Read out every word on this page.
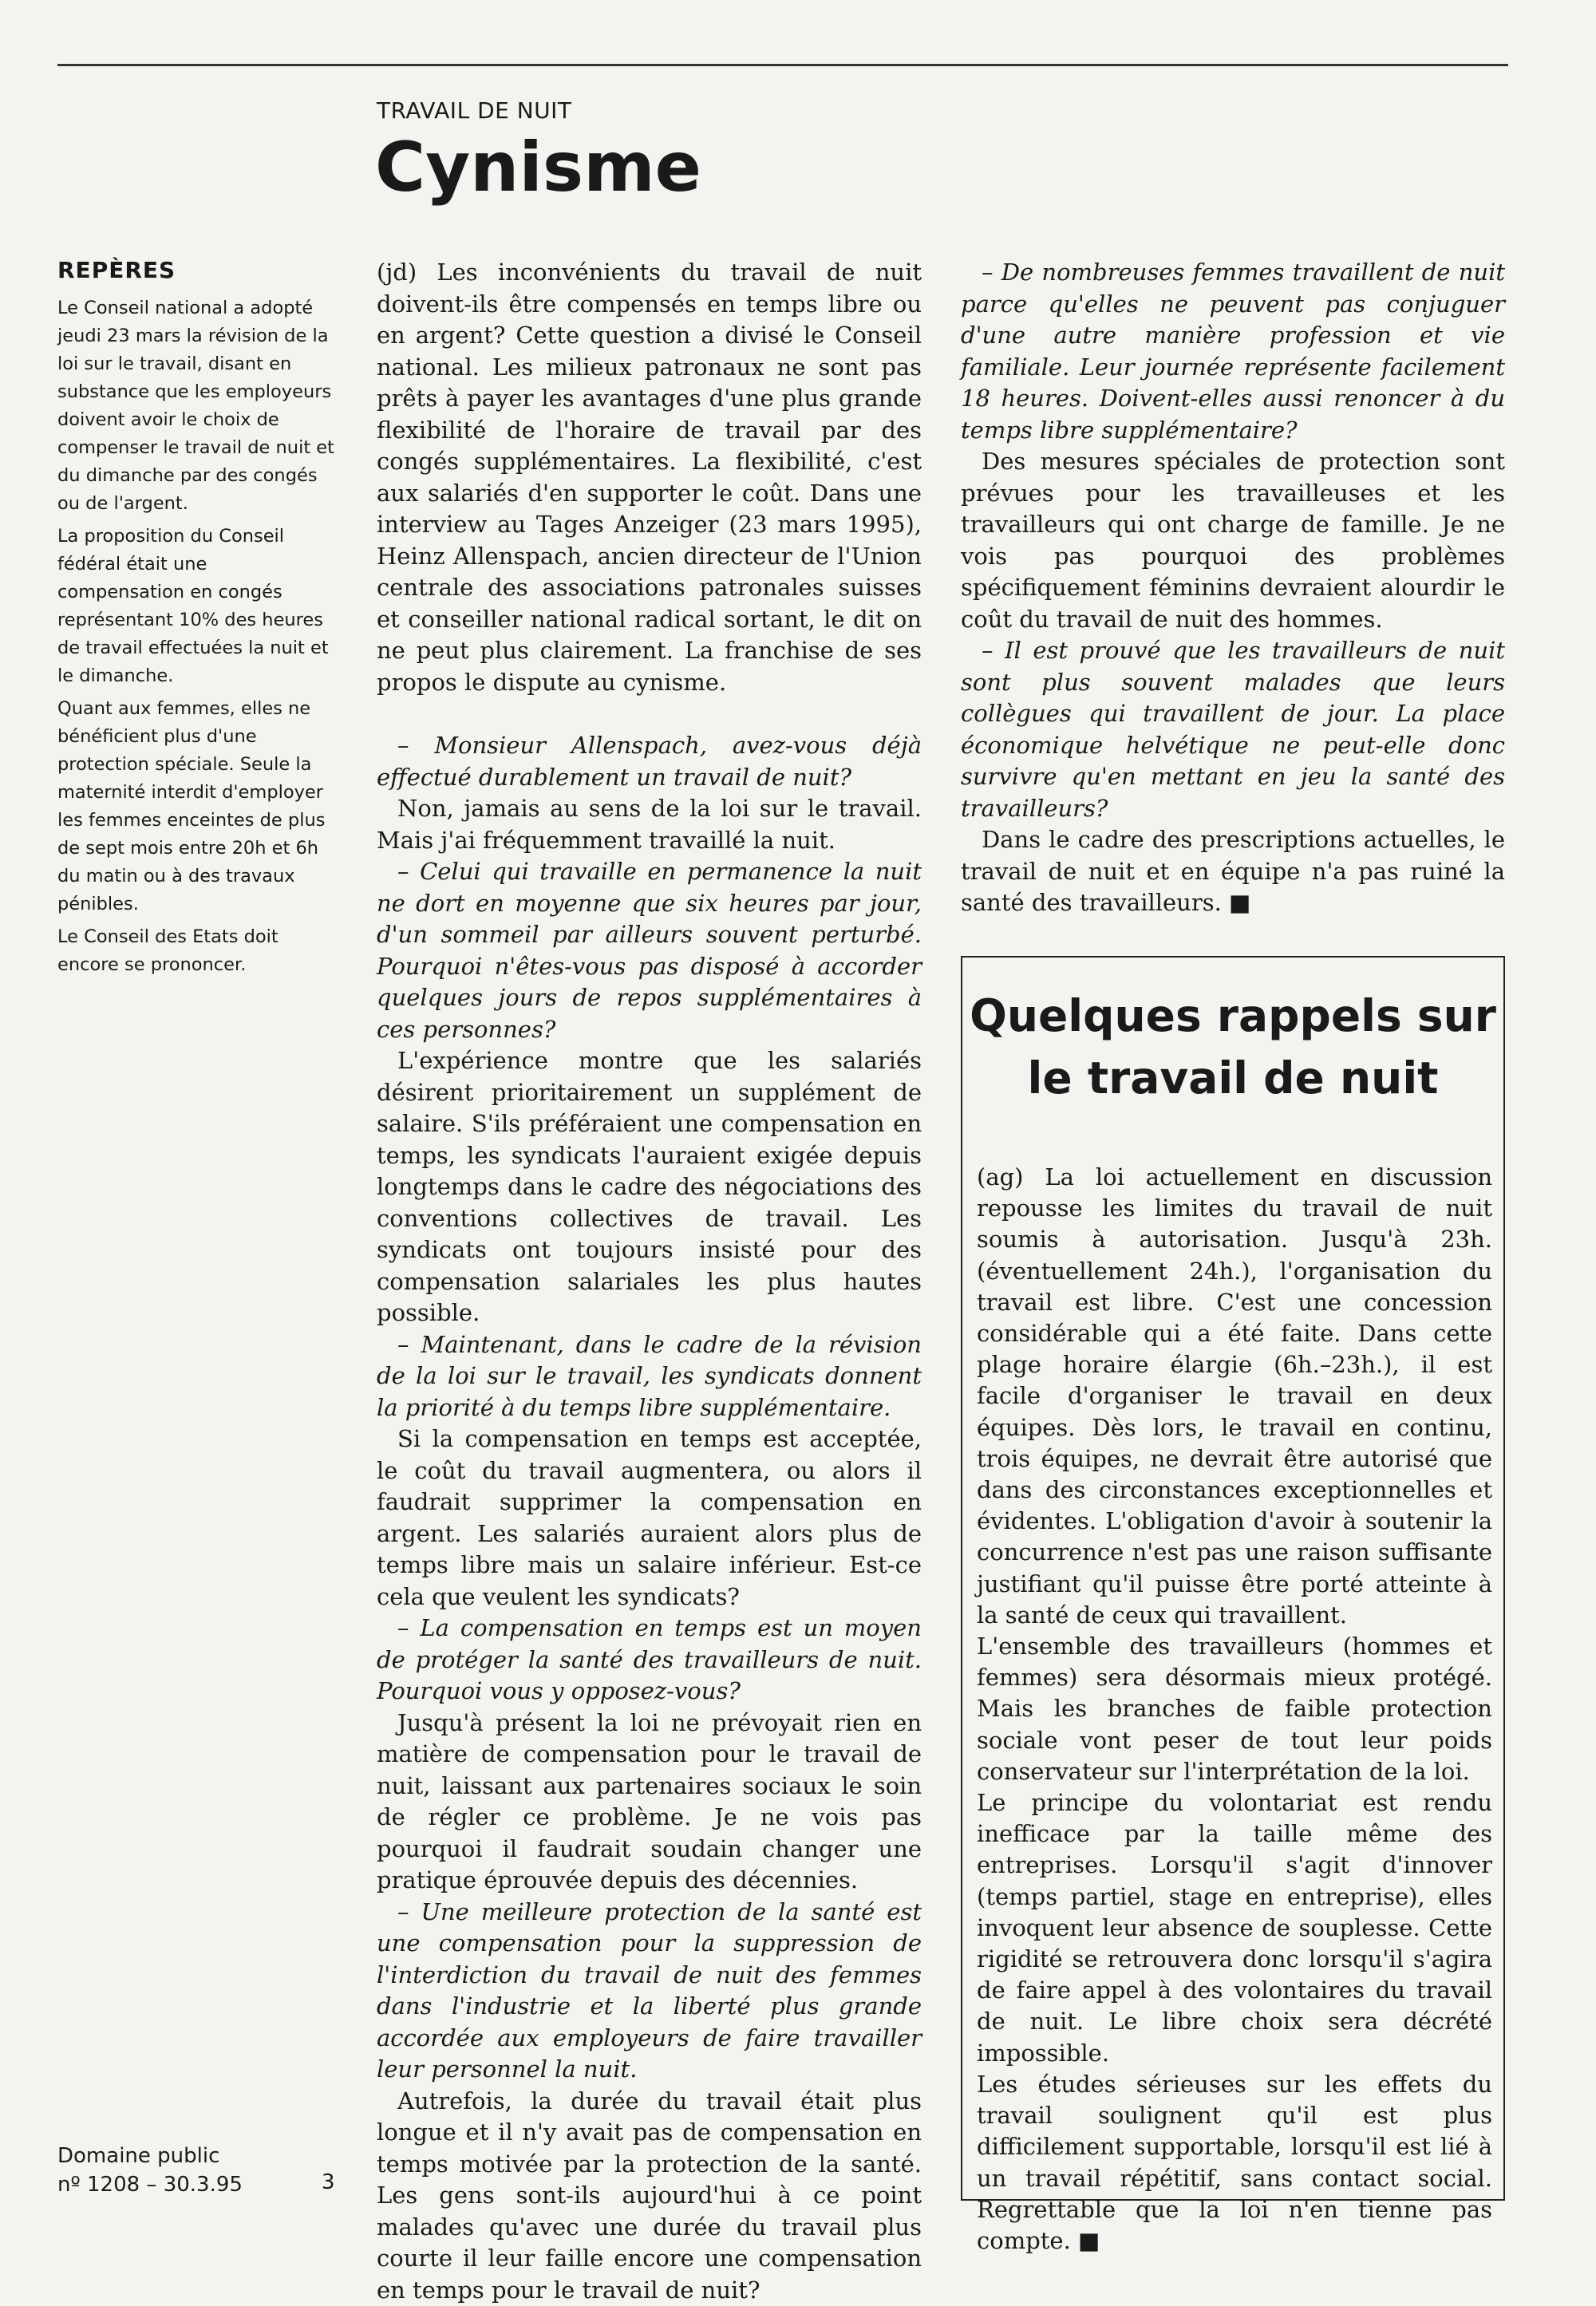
TRAVAIL DE NUIT
Cynisme
REPÈRES

Le Conseil national a adopté jeudi 23 mars la révision de la loi sur le travail, disant en substance que les employeurs doivent avoir le choix de compenser le travail de nuit et du dimanche par des congés ou de l'argent.

La proposition du Conseil fédéral était une compensation en congés représentant 10% des heures de travail effectuées la nuit et le dimanche.

Quant aux femmes, elles ne bénéficient plus d'une protection spéciale. Seule la maternité interdit d'employer les femmes enceintes de plus de sept mois entre 20h et 6h du matin ou à des travaux pénibles.

Le Conseil des Etats doit encore se prononcer.

(jd) Les inconvénients du travail de nuit doivent-ils être compensés en temps libre ou en argent? Cette question a divisé le Conseil national. Les milieux patronaux ne sont pas prêts à payer les avantages d'une plus grande flexibilité de l'horaire de travail par des congés supplémentaires. La flexibilité, c'est aux salariés d'en supporter le coût. Dans une interview au Tages Anzeiger (23 mars 1995), Heinz Allenspach, ancien directeur de l'Union centrale des associations patronales suisses et conseiller national radical sortant, le dit on ne peut plus clairement. La franchise de ses propos le dispute au cynisme.

– Monsieur Allenspach, avez-vous déjà effectué durablement un travail de nuit?

Non, jamais au sens de la loi sur le travail. Mais j'ai fréquemment travaillé la nuit.

– Celui qui travaille en permanence la nuit ne dort en moyenne que six heures par jour, d'un sommeil par ailleurs souvent perturbé. Pourquoi n'êtes-vous pas disposé à accorder quelques jours de repos supplémentaires à ces personnes?

L'expérience montre que les salariés désirent prioritairement un supplément de salaire. S'ils préféraient une compensation en temps, les syndicats l'auraient exigée depuis longtemps dans le cadre des négociations des conventions collectives de travail. Les syndicats ont toujours insisté pour des compensation salariales les plus hautes possible.

– Maintenant, dans le cadre de la révision de la loi sur le travail, les syndicats donnent la priorité à du temps libre supplémentaire.

Si la compensation en temps est acceptée, le coût du travail augmentera, ou alors il faudrait supprimer la compensation en argent. Les salariés auraient alors plus de temps libre mais un salaire inférieur. Est-ce cela que veulent les syndicats?

– La compensation en temps est un moyen de protéger la santé des travailleurs de nuit. Pourquoi vous y opposez-vous?

Jusqu'à présent la loi ne prévoyait rien en matière de compensation pour le travail de nuit, laissant aux partenaires sociaux le soin de régler ce problème. Je ne vois pas pourquoi il faudrait soudain changer une pratique éprouvée depuis des décennies.

– Une meilleure protection de la santé est une compensation pour la suppression de l'interdiction du travail de nuit des femmes dans l'industrie et la liberté plus grande accordée aux employeurs de faire travailler leur personnel la nuit.

Autrefois, la durée du travail était plus longue et il n'y avait pas de compensation en temps motivée par la protection de la santé. Les gens sont-ils aujourd'hui à ce point malades qu'avec une durée du travail plus courte il leur faille encore une compensation en temps pour le travail de nuit?

– De nombreuses femmes travaillent de nuit parce qu'elles ne peuvent pas conjuguer d'une autre manière profession et vie familiale. Leur journée représente facilement 18 heures. Doivent-elles aussi renoncer à du temps libre supplémentaire?

Des mesures spéciales de protection sont prévues pour les travailleuses et les travailleurs qui ont charge de famille. Je ne vois pas pourquoi des problèmes spécifiquement féminins devraient alourdir le coût du travail de nuit des hommes.

– Il est prouvé que les travailleurs de nuit sont plus souvent malades que leurs collègues qui travaillent de jour. La place économique helvétique ne peut-elle donc survivre qu'en mettant en jeu la santé des travailleurs?

Dans le cadre des prescriptions actuelles, le travail de nuit et en équipe n'a pas ruiné la santé des travailleurs. ■

Quelques rappels sur
le travail de nuit

(ag) La loi actuellement en discussion repousse les limites du travail de nuit soumis à autorisation. Jusqu'à 23h. (éventuellement 24h.), l'organisation du travail est libre. C'est une concession considérable qui a été faite. Dans cette plage horaire élargie (6h.–23h.), il est facile d'organiser le travail en deux équipes. Dès lors, le travail en continu, trois équipes, ne devrait être autorisé que dans des circonstances exceptionnelles et évidentes. L'obligation d'avoir à soutenir la concurrence n'est pas une raison suffisante justifiant qu'il puisse être porté atteinte à la santé de ceux qui travaillent.

L'ensemble des travailleurs (hommes et femmes) sera désormais mieux protégé. Mais les branches de faible protection sociale vont peser de tout leur poids conservateur sur l'interprétation de la loi.

Le principe du volontariat est rendu inefficace par la taille même des entreprises. Lorsqu'il s'agit d'innover (temps partiel, stage en entreprise), elles invoquent leur absence de souplesse. Cette rigidité se retrouvera donc lorsqu'il s'agira de faire appel à des volontaires du travail de nuit. Le libre choix sera décrété impossible.

Les études sérieuses sur les effets du travail soulignent qu'il est plus difficilement supportable, lorsqu'il est lié à un travail répétitif, sans contact social. Regrettable que la loi n'en tienne pas compte. ■

Domaine public
nº 1208 – 30.3.95	3
